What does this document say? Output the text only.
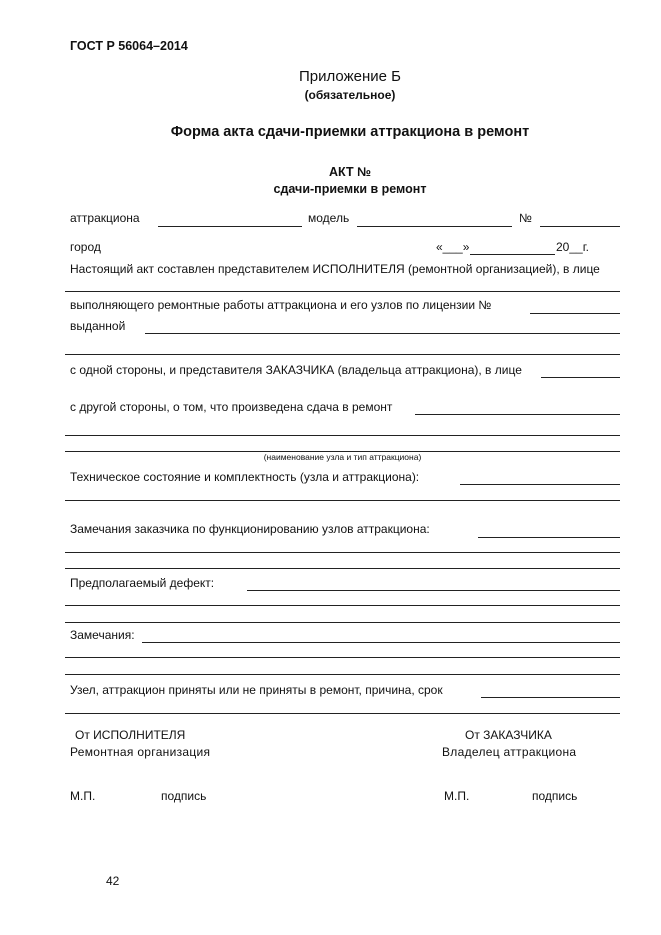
ГОСТ Р 56064–2014
Приложение Б
(обязательное)
Форма акта сдачи-приемки аттракциона в ремонт
АКТ №
сдачи-приемки в ремонт
аттракциона	модель	№
город	«___»	20__г.
Настоящий акт составлен представителем ИСПОЛНИТЕЛЯ (ремонтной организацией), в лице
выполняющего ремонтные работы аттракциона и его узлов по лицензии №
выданной
с одной стороны, и представителя ЗАКАЗЧИКА (владельца аттракциона), в лице
с другой стороны, о том, что произведена сдача в ремонт
(наименование узла и тип аттракциона)
Техническое состояние и комплектность (узла и аттракциона):
Замечания заказчика по функционированию узлов аттракциона:
Предполагаемый дефект:
Замечания:
Узел, аттракцион приняты или не приняты в ремонт, причина, срок
От ИСПОЛНИТЕЛЯ
Ремонтная организация
От ЗАКАЗЧИКА
Владелец аттракциона
М.П.	подпись	М.П.	подпись
42
